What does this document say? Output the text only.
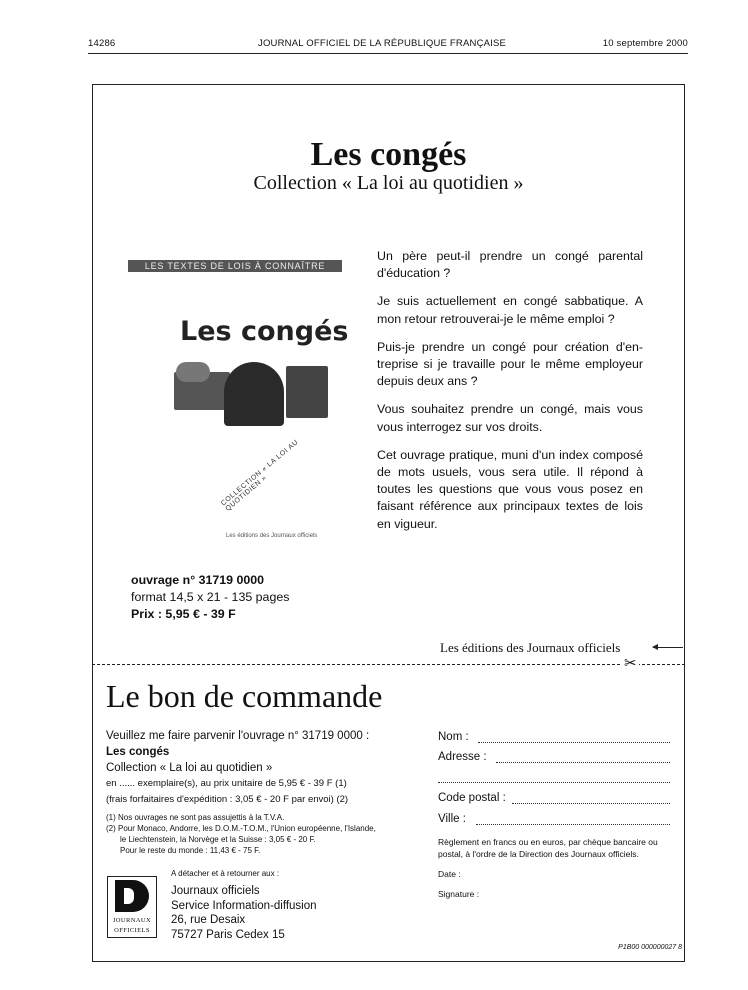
14286	JOURNAL OFFICIEL DE LA RÉPUBLIQUE FRANÇAISE	10 septembre 2000
Les congés
Collection « La loi au quotidien »
LES TEXTES DE LOIS À CONNAÎTRE
Les congés
COLLECTION « LA LOI AU QUOTIDIEN »
Les éditions des Journaux officiels

Un père peut-il prendre un congé parental d'éducation ?

Je suis actuellement en congé sabbatique. A mon retour retrouverai-je le même emploi ?

Puis-je prendre un congé pour création d'en-treprise si je travaille pour le même employeur depuis deux ans ?

Vous souhaitez prendre un congé, mais vous vous interrogez sur vos droits.

Cet ouvrage pratique, muni d'un index composé de mots usuels, vous sera utile. Il répond à toutes les questions que vous vous posez en faisant référence aux principaux textes de lois en vigueur.

ouvrage n° 31719 0000
format 14,5 x 21 - 135 pages
Prix : 5,95 € - 39 F
Les éditions des Journaux officiels
✂
Le bon de commande
Veuillez me faire parvenir l'ouvrage n° 31719 0000 :
Les congés
Collection « La loi au quotidien »
en ...... exemplaire(s), au prix unitaire de 5,95 € - 39 F (1)
(frais forfaitaires d'expédition : 3,05 € - 20 F par envoi) (2)
(1) Nos ouvrages ne sont pas assujettis à la T.V.A.
(2) Pour Monaco, Andorre, les D.O.M.-T.O.M., l'Union européenne, l'Islande,
le Liechtenstein, la Norvège et la Suisse : 3,05 € - 20 F.
Pour le reste du monde : 11,43 € - 75 F.
A détacher et à retourner aux :
JOURNAUX
OFFICIELS
Journaux officiels
Service Information-diffusion
26, rue Desaix
75727 Paris Cedex 15
Nom :
Adresse :
Code postal :
Ville :
Règlement en francs ou en euros, par chèque bancaire ou postal, à l'ordre de la Direction des Journaux officiels.
Date :
Signature :
P1B00 000000027 8
